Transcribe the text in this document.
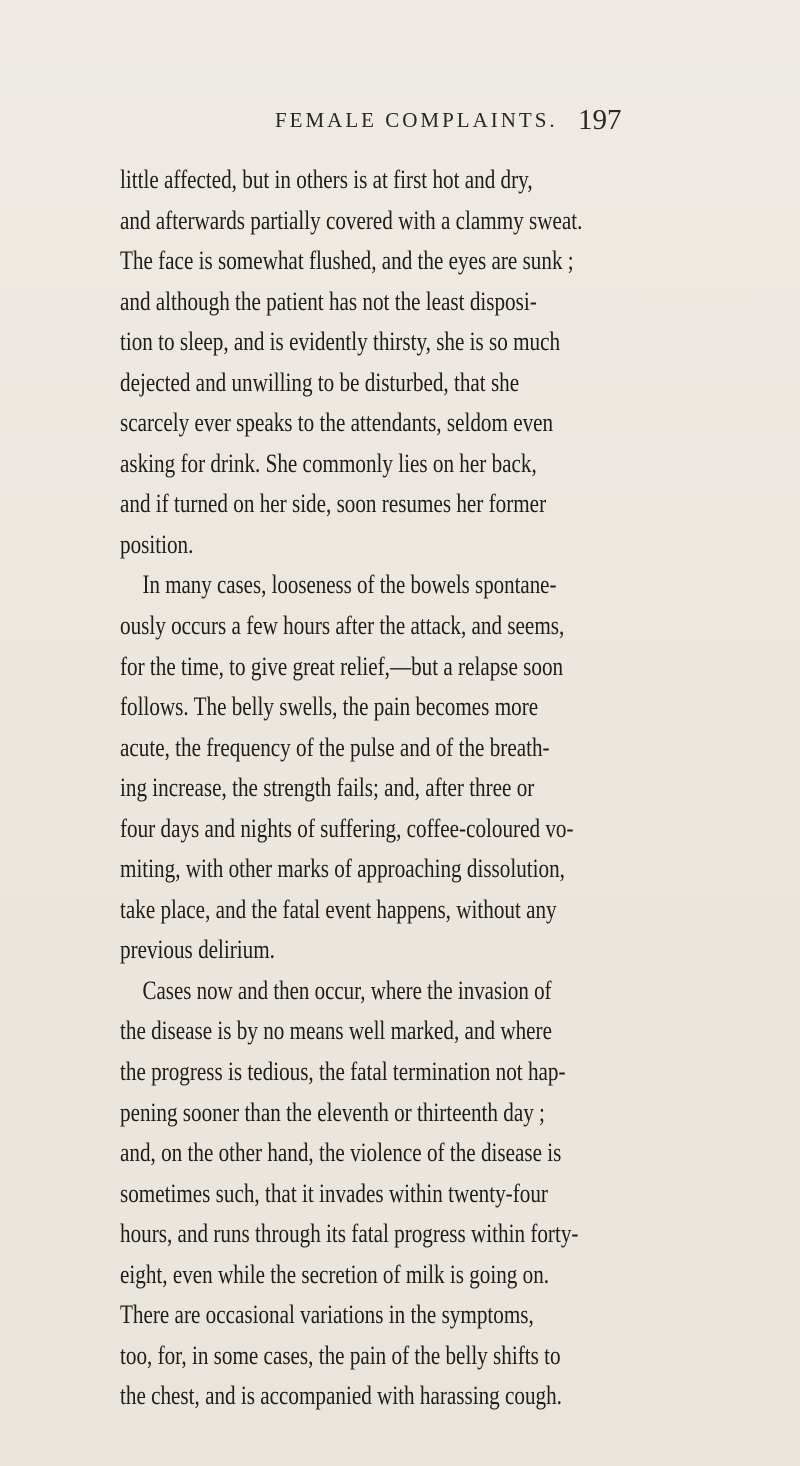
FEMALE COMPLAINTS. 197
little affected, but in others is at first hot and dry,
and afterwards partially covered with a clammy sweat.
The face is somewhat flushed, and the eyes are sunk ;
and although the patient has not the least disposi-
tion to sleep, and is evidently thirsty, she is so much
dejected and unwilling to be disturbed, that she
scarcely ever speaks to the attendants, seldom even
asking for drink. She commonly lies on her back,
and if turned on her side, soon resumes her former
position.
In many cases, looseness of the bowels spontane-
ously occurs a few hours after the attack, and seems,
for the time, to give great relief,—but a relapse soon
follows. The belly swells, the pain becomes more
acute, the frequency of the pulse and of the breath-
ing increase, the strength fails; and, after three or
four days and nights of suffering, coffee-coloured vo-
miting, with other marks of approaching dissolution,
take place, and the fatal event happens, without any
previous delirium.
Cases now and then occur, where the invasion of
the disease is by no means well marked, and where
the progress is tedious, the fatal termination not hap-
pening sooner than the eleventh or thirteenth day ;
and, on the other hand, the violence of the disease is
sometimes such, that it invades within twenty-four
hours, and runs through its fatal progress within forty-
eight, even while the secretion of milk is going on.
There are occasional variations in the symptoms,
too, for, in some cases, the pain of the belly shifts to
the chest, and is accompanied with harassing cough.
